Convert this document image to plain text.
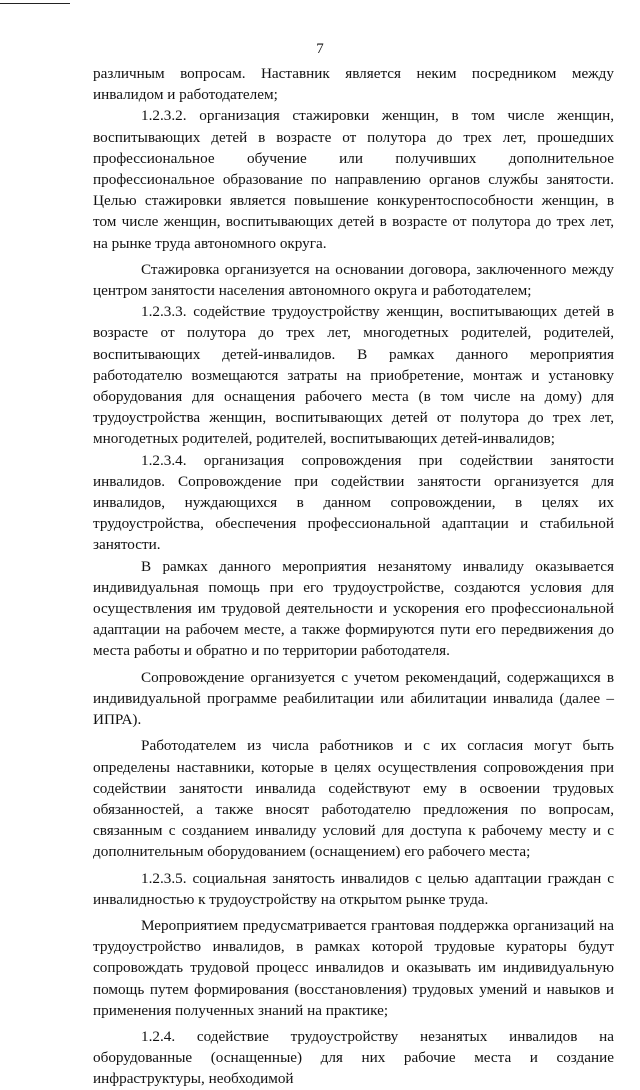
7

различным вопросам. Наставник является неким посредником между инвалидом и работодателем;

1.2.3.2. организация стажировки женщин, в том числе женщин, воспитывающих детей в возрасте от полутора до трех лет, прошедших профессиональное обучение или получивших дополнительное профессиональное образование по направлению органов службы занятости. Целью стажировки является повышение конкурентоспособности женщин, в том числе женщин, воспитывающих детей в возрасте от полутора до трех лет, на рынке труда автономного округа.

Стажировка организуется на основании договора, заключенного между центром занятости населения автономного округа и работодателем;

1.2.3.3. содействие трудоустройству женщин, воспитывающих детей в возрасте от полутора до трех лет, многодетных родителей, родителей, воспитывающих детей-инвалидов. В рамках данного мероприятия работодателю возмещаются затраты на приобретение, монтаж и установку оборудования для оснащения рабочего места (в том числе на дому) для трудоустройства женщин, воспитывающих детей от полутора до трех лет, многодетных родителей, родителей, воспитывающих детей-инвалидов;

1.2.3.4. организация сопровождения при содействии занятости инвалидов. Сопровождение при содействии занятости организуется для инвалидов, нуждающихся в данном сопровождении, в целях их трудоустройства, обеспечения профессиональной адаптации и стабильной занятости.

В рамках данного мероприятия незанятому инвалиду оказывается индивидуальная помощь при его трудоустройстве, создаются условия для осуществления им трудовой деятельности и ускорения его профессиональной адаптации на рабочем месте, а также формируются пути его передвижения до места работы и обратно и по территории работодателя.

Сопровождение организуется с учетом рекомендаций, содержащихся в индивидуальной программе реабилитации или абилитации инвалида (далее – ИПРА).

Работодателем из числа работников и с их согласия могут быть определены наставники, которые в целях осуществления сопровождения при содействии занятости инвалида содействуют ему в освоении трудовых обязанностей, а также вносят работодателю предложения по вопросам, связанным с созданием инвалиду условий для доступа к рабочему месту и с дополнительным оборудованием (оснащением) его рабочего места;

1.2.3.5. социальная занятость инвалидов с целью адаптации граждан с инвалидностью к трудоустройству на открытом рынке труда.

Мероприятием предусматривается грантовая поддержка организаций на трудоустройство инвалидов, в рамках которой трудовые кураторы будут сопровождать трудовой процесс инвалидов и оказывать им индивидуальную помощь путем формирования (восстановления) трудовых умений и навыков и применения полученных знаний на практике;

1.2.4. содействие трудоустройству незанятых инвалидов на оборудованные (оснащенные) для них рабочие места и создание инфраструктуры, необходимой
